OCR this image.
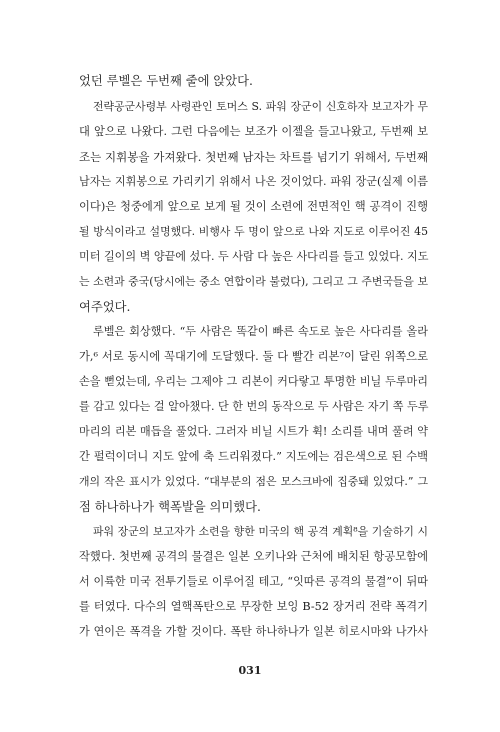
었던 루벨은 두번째 줄에 앉았다.
전략공군사령부 사령관인 토머스 S. 파워 장군이 신호하자 보고자가 무
대 앞으로 나왔다. 그런 다음에는 보조가 이젤을 들고나왔고, 두번째 보
조는 지휘봉을 가져왔다. 첫번째 남자는 차트를 넘기기 위해서, 두번째
남자는 지휘봉으로 가리키기 위해서 나온 것이었다. 파워 장군(실제 이름
이다)은 청중에게 앞으로 보게 될 것이 소련에 전면적인 핵 공격이 진행
될 방식이라고 설명했다. 비행사 두 명이 앞으로 나와 지도로 이루어진 45
미터 길이의 벽 양끝에 섰다. 두 사람 다 높은 사다리를 들고 있었다. 지도
는 소련과 중국(당시에는 중소 연합이라 불렸다), 그리고 그 주변국들을 보
여주었다.
루벨은 회상했다. “두 사람은 똑같이 빠른 속도로 높은 사다리를 올라
가,⁶ 서로 동시에 꼭대기에 도달했다. 둘 다 빨간 리본⁷이 달린 위쪽으로
손을 뻗었는데, 우리는 그제야 그 리본이 커다랗고 투명한 비닐 두루마리
를 감고 있다는 걸 알아챘다. 단 한 번의 동작으로 두 사람은 자기 쪽 두루
마리의 리본 매듭을 풀었다. 그러자 비닐 시트가 휙! 소리를 내며 풀려 약
간 펄럭이더니 지도 앞에 축 드리워졌다.” 지도에는 검은색으로 된 수백
개의 작은 표시가 있었다. “대부분의 점은 모스크바에 집중돼 있었다.” 그
점 하나하나가 핵폭발을 의미했다.
파워 장군의 보고자가 소련을 향한 미국의 핵 공격 계획⁸을 기술하기 시
작했다. 첫번째 공격의 물결은 일본 오키나와 근처에 배치된 항공모함에
서 이륙한 미국 전투기들로 이루어질 테고, “잇따른 공격의 물결”이 뒤따
를 터였다. 다수의 열핵폭탄으로 무장한 보잉 B-52 장거리 전략 폭격기
가 연이은 폭격을 가할 것이다. 폭탄 하나하나가 일본 히로시마와 나가사
031
